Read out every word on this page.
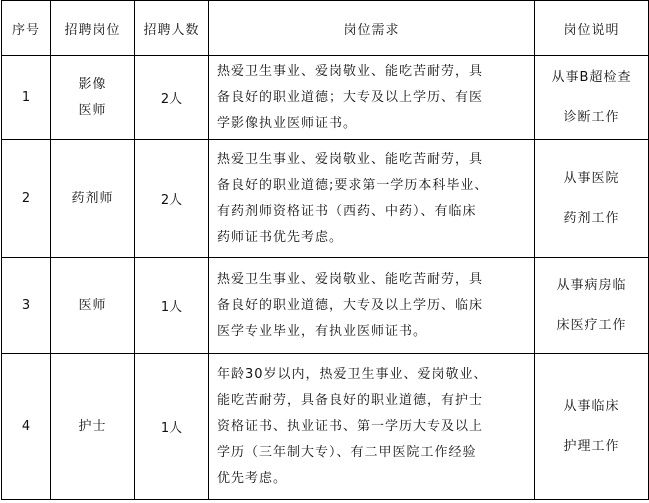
序号	招聘岗位	招聘人数	岗位需求	岗位说明
1	影像
医师	2人	热爱卫生事业、爱岗敬业、能吃苦耐劳，具
备良好的职业道德；大专及以上学历、有医
学影像执业医师证书。	从事B超检查
诊断工作

2	药剂师	2人	热爱卫生事业、爱岗敬业、能吃苦耐劳，具
备良好的职业道德;要求第一学历本科毕业、
有药剂师资格证书（西药、中药）、有临床
药师证书优先考虑。	从事医院
药剂工作

3	医师	1人	热爱卫生事业、爱岗敬业、能吃苦耐劳，具
备良好的职业道德，大专及以上学历、临床
医学专业毕业，有执业医师证书。	从事病房临
床医疗工作

4	护士	1人	年龄30岁以内，热爱卫生事业、爱岗敬业、
能吃苦耐劳，具备良好的职业道德，有护士
资格证书、执业证书、第一学历大专及以上
学历（三年制大专）、有二甲医院工作经验
优先考虑。	从事临床
护理工作
